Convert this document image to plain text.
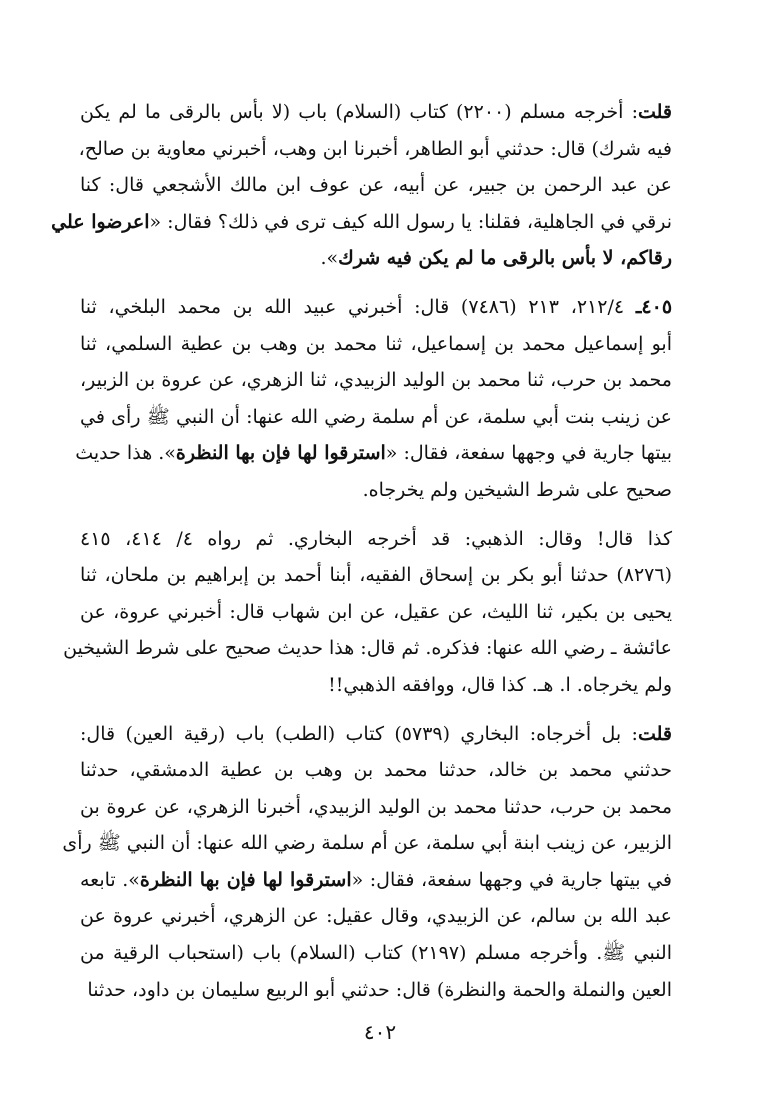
قلت: أخرجه مسلم (٢٢٠٠) كتاب (السلام) باب (لا بأس بالرقى ما لم يكن
فيه شرك) قال: حدثني أبو الطاهر، أخبرنا ابن وهب، أخبرني معاوية بن صالح،
عن عبد الرحمن بن جبير، عن أبيه، عن عوف ابن مالك الأشجعي قال: كنا
نرقي في الجاهلية، فقلنا: يا رسول الله كيف ترى في ذلك؟ فقال: «اعرضوا علي
رقاكم، لا بأس بالرقى ما لم يكن فيه شرك».
٤٠٥ـ ٢١٢/٤، ٢١٣ (٧٤٨٦) قال: أخبرني عبيد الله بن محمد البلخي، ثنا
أبو إسماعيل محمد بن إسماعيل، ثنا محمد بن وهب بن عطية السلمي، ثنا
محمد بن حرب، ثنا محمد بن الوليد الزبيدي، ثنا الزهري، عن عروة بن الزبير،
عن زينب بنت أبي سلمة، عن أم سلمة رضي الله عنها: أن النبي ﷺ رأى في
بيتها جارية في وجهها سفعة، فقال: «استرقوا لها فإن بها النظرة». هذا حديث
صحيح على شرط الشيخين ولم يخرجاه.
كذا قال! وقال: الذهبي: قد أخرجه البخاري. ثم رواه ٤/ ٤١٤، ٤١٥
(٨٢٧٦) حدثنا أبو بكر بن إسحاق الفقيه، أبنا أحمد بن إبراهيم بن ملحان، ثنا
يحيى بن بكير، ثنا الليث، عن عقيل، عن ابن شهاب قال: أخبرني عروة، عن
عائشة ـ رضي الله عنها: فذكره. ثم قال: هذا حديث صحيح على شرط الشيخين
ولم يخرجاه. ا. هـ. كذا قال، ووافقه الذهبي!!
قلت: بل أخرجاه: البخاري (٥٧٣٩) كتاب (الطب) باب (رقية العين) قال:
حدثني محمد بن خالد، حدثنا محمد بن وهب بن عطية الدمشقي، حدثنا
محمد بن حرب، حدثنا محمد بن الوليد الزبيدي، أخبرنا الزهري، عن عروة بن
الزبير، عن زينب ابنة أبي سلمة، عن أم سلمة رضي الله عنها: أن النبي ﷺ رأى
في بيتها جارية في وجهها سفعة، فقال: «استرقوا لها فإن بها النظرة». تابعه
عبد الله بن سالم، عن الزبيدي، وقال عقيل: عن الزهري، أخبرني عروة عن
النبي ﷺ. وأخرجه مسلم (٢١٩٧) كتاب (السلام) باب (استحباب الرقية من
العين والنملة والحمة والنظرة) قال: حدثني أبو الربيع سليمان بن داود، حدثنا
٤٠٢
